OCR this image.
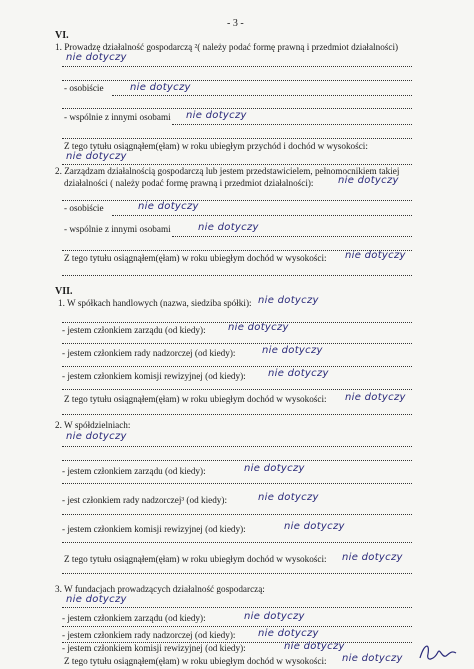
- 3 -
VI.
1. Prowadzę działalność gospodarczą ²( należy podać formę prawną i przedmiot działalności)
nie dotyczy
- osobiście	nie dotyczy
- wspólnie z innymi osobami nie dotyczy
Z tego tytułu osiągnąłem(ęłam) w roku ubiegłym przychód i dochód w wysokości:
nie dotyczy
2. Zarządzam działalnością gospodarczą lub jestem przedstawicielem, pełnomocnikiem takiej
działalności ( należy podać formę prawną i przedmiot działalności): nie dotyczy
- osobiście	nie dotyczy
- wspólnie z innymi osobami	nie dotyczy
Z tego tytułu osiągnąłem(ęłam) w roku ubiegłym dochód w wysokości: nie dotyczy
VII.
1. W spółkach handlowych (nazwa, siedziba spółki): nie dotyczy
- jestem członkiem zarządu (od kiedy): nie dotyczy
- jestem członkiem rady nadzorczej (od kiedy):	nie dotyczy
- jestem członkiem komisji rewizyjnej (od kiedy): nie dotyczy
Z tego tytułu osiągnąłem(ęłam) w roku ubiegłym dochód w wysokości: nie dotyczy
2. W spółdzielniach:
nie dotyczy
- jestem członkiem zarządu (od kiedy):	nie dotyczy
- jest członkiem rady nadzorczej³ (od kiedy):	nie dotyczy
- jestem członkiem komisji rewizyjnej (od kiedy):	nie dotyczy
Z tego tytułu osiągnąłem(ęłam) w roku ubiegłym dochód w wysokości: nie dotyczy
3. W fundacjach prowadzących działalność gospodarczą:
nie dotyczy
- jestem członkiem zarządu (od kiedy):	nie dotyczy
- jestem członkiem rady nadzorczej (od kiedy): nie dotyczy
- jestem członkiem komisji rewizyjnej (od kiedy):	nie dotyczy
Z tego tytułu osiągnąłem(ęłam) w roku ubiegłym dochód w wysokości: nie dotyczy
